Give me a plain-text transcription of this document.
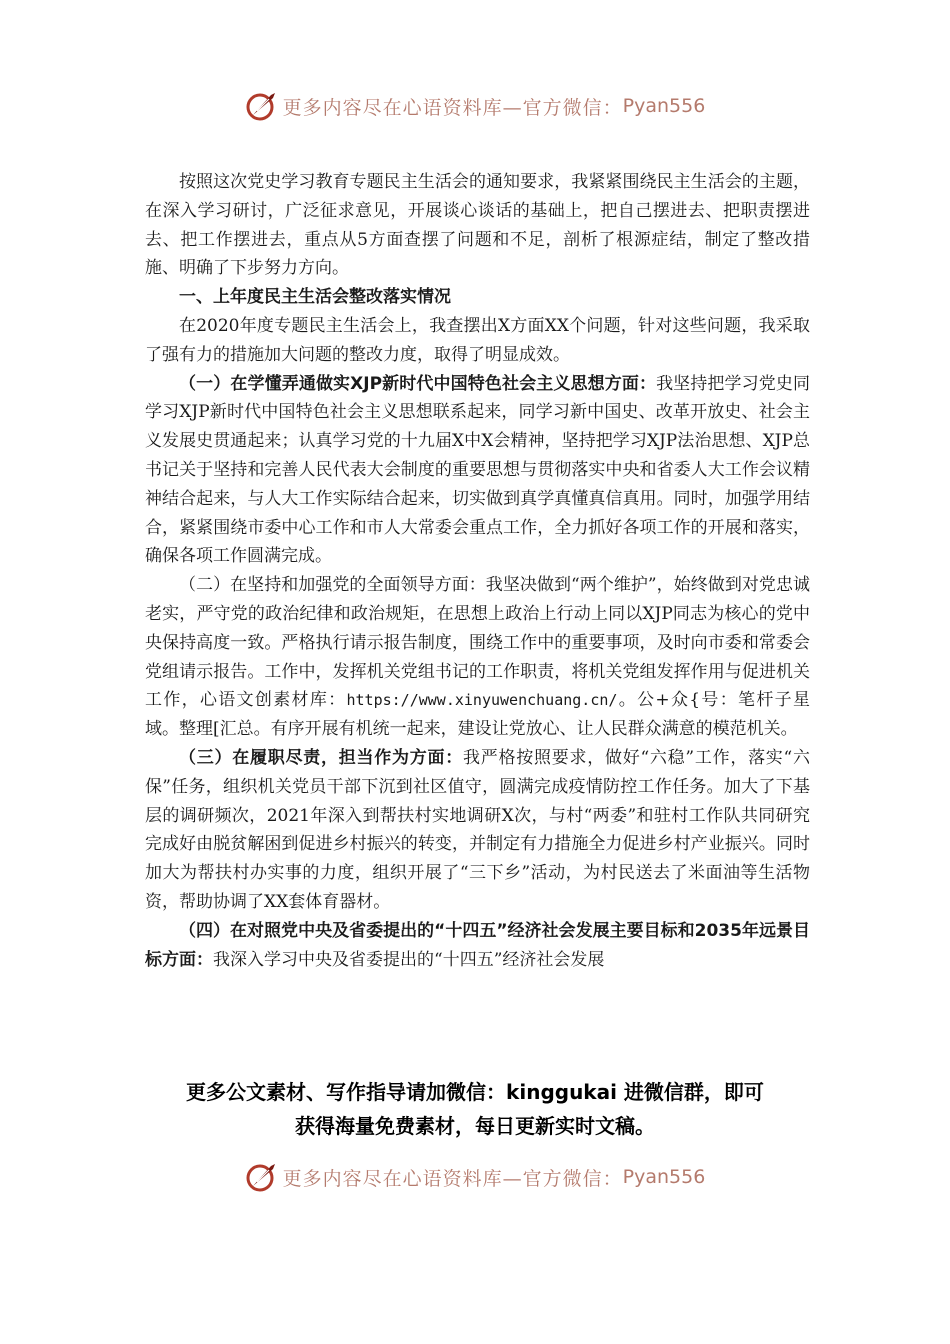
更多内容尽在心语资料库—官方微信： Pyan556

按照这次党史学习教育专题民主生活会的通知要求，我紧紧围绕民主生活会的主题，在深入学习研讨，广泛征求意见，开展谈心谈话的基础上，把自己摆进去、把职责摆进去、把工作摆进去，重点从5方面查摆了问题和不足，剖析了根源症结，制定了整改措施、明确了下步努力方向。

一、上年度民主生活会整改落实情况

在2020年度专题民主生活会上，我查摆出X方面XX个问题，针对这些问题，我采取了强有力的措施加大问题的整改力度，取得了明显成效。

（一）在学懂弄通做实XJP新时代中国特色社会主义思想方面：我坚持把学习党史同学习XJP新时代中国特色社会主义思想联系起来，同学习新中国史、改革开放史、社会主义发展史贯通起来；认真学习党的十九届X中X会精神，坚持把学习XJP法治思想、XJP总书记关于坚持和完善人民代表大会制度的重要思想与贯彻落实中央和省委人大工作会议精神结合起来，与人大工作实际结合起来，切实做到真学真懂真信真用。同时，加强学用结合，紧紧围绕市委中心工作和市人大常委会重点工作，全力抓好各项工作的开展和落实，确保各项工作圆满完成。

（二）在坚持和加强党的全面领导方面：我坚决做到“两个维护”，始终做到对党忠诚老实，严守党的政治纪律和政治规矩，在思想上政治上行动上同以XJP同志为核心的党中央保持高度一致。严格执行请示报告制度，围绕工作中的重要事项，及时向市委和常委会党组请示报告。工作中，发挥机关党组书记的工作职责，将机关党组发挥作用与促进机关工作，心语文创素材库：https://www.xinyuwenchuang.cn/。公+众{号：笔杆子星域。整理[汇总。有序开展有机统一起来，建设让党放心、让人民群众满意的模范机关。

（三）在履职尽责，担当作为方面：我严格按照要求，做好“六稳”工作，落实“六保”任务，组织机关党员干部下沉到社区值守，圆满完成疫情防控工作任务。加大了下基层的调研频次，2021年深入到帮扶村实地调研X次，与村“两委”和驻村工作队共同研究完成好由脱贫解困到促进乡村振兴的转变，并制定有力措施全力促进乡村产业振兴。同时加大为帮扶村办实事的力度，组织开展了“三下乡”活动，为村民送去了米面油等生活物资，帮助协调了XX套体育器材。

（四）在对照党中央及省委提出的“十四五”经济社会发展主要目标和2035年远景目标方面：我深入学习中央及省委提出的“十四五”经济社会发展

更多公文素材、写作指导请加微信：kinggukai 进微信群，即可
获得海量免费素材，每日更新实时文稿。
更多内容尽在心语资料库—官方微信： Pyan556
